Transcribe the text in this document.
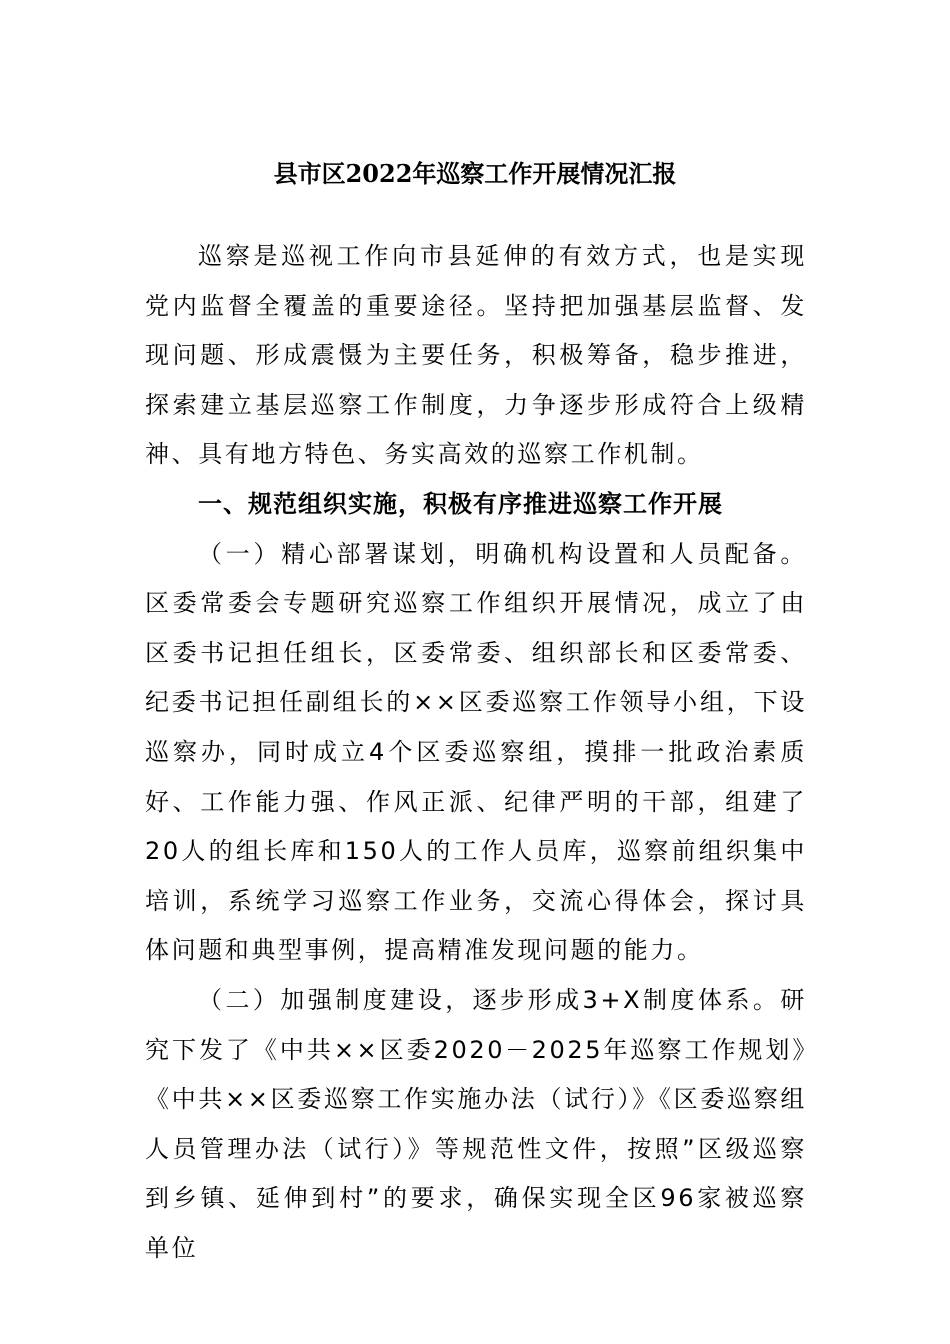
县市区2022年巡察工作开展情况汇报

巡察是巡视工作向市县延伸的有效方式，也是实现党内监督全覆盖的重要途径。坚持把加强基层监督、发现问题、形成震慑为主要任务，积极筹备，稳步推进，探索建立基层巡察工作制度，力争逐步形成符合上级精神、具有地方特色、务实高效的巡察工作机制。

一、规范组织实施，积极有序推进巡察工作开展

（一）精心部署谋划，明确机构设置和人员配备。区委常委会专题研究巡察工作组织开展情况，成立了由区委书记担任组长，区委常委、组织部长和区委常委、纪委书记担任副组长的××区委巡察工作领导小组，下设巡察办，同时成立4个区委巡察组，摸排一批政治素质好、工作能力强、作风正派、纪律严明的干部，组建了20人的组长库和150人的工作人员库，巡察前组织集中培训，系统学习巡察工作业务，交流心得体会，探讨具体问题和典型事例，提高精准发现问题的能力。

（二）加强制度建设，逐步形成3+X制度体系。研究下发了《中共××区委2020－2025年巡察工作规划》《中共××区委巡察工作实施办法（试行）》《区委巡察组人员管理办法（试行）》等规范性文件，按照”区级巡察到乡镇、延伸到村”的要求，确保实现全区96家被巡察单位
